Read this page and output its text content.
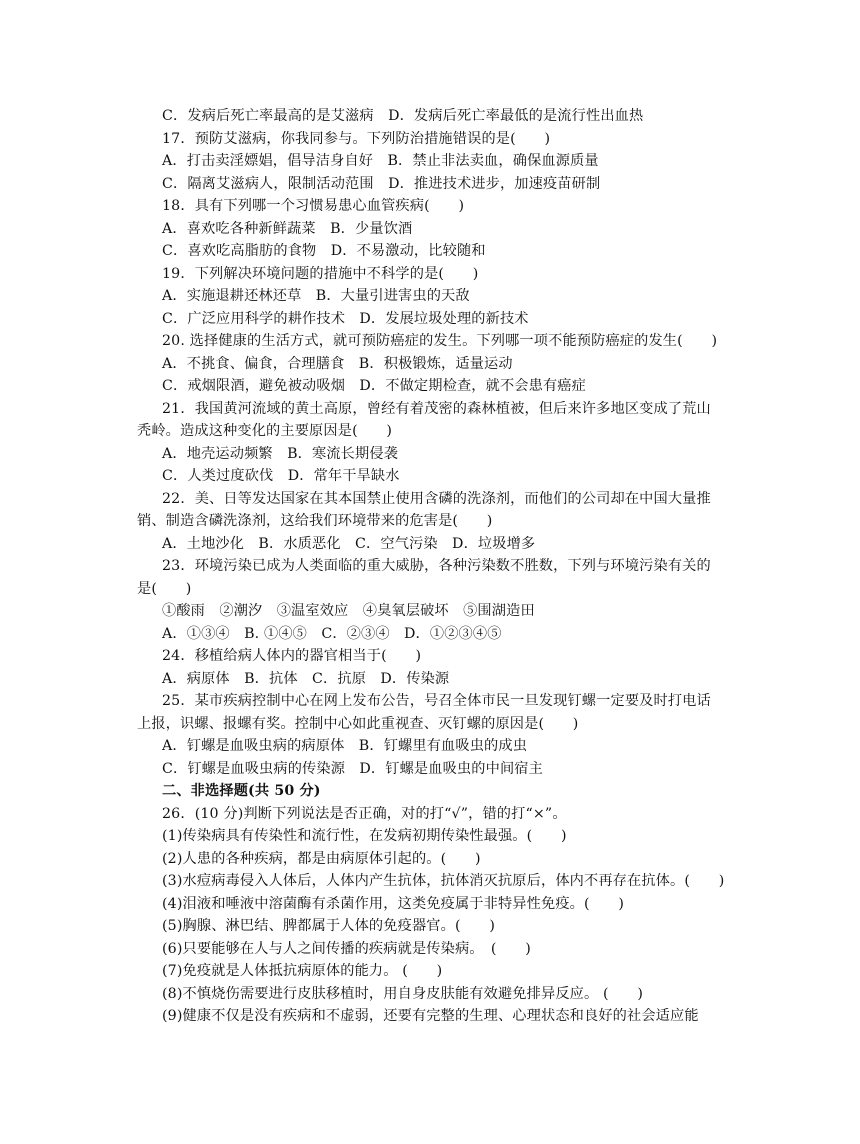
C．发病后死亡率最高的是艾滋病　D．发病后死亡率最低的是流行性出血热
17．预防艾滋病，你我同参与。下列防治措施错误的是(　　)
A．打击卖淫嫖娼，倡导洁身自好　B．禁止非法卖血，确保血源质量
C．隔离艾滋病人，限制活动范围　D．推进技术进步，加速疫苗研制
18．具有下列哪一个习惯易患心血管疾病(　　)
A．喜欢吃各种新鲜蔬菜　B．少量饮酒
C．喜欢吃高脂肪的食物　D．不易激动，比较随和
19．下列解决环境问题的措施中不科学的是(　　)
A．实施退耕还林还草　B．大量引进害虫的天敌
C．广泛应用科学的耕作技术　D．发展垃圾处理的新技术
20. 选择健康的生活方式，就可预防癌症的发生。下列哪一项不能预防癌症的发生(　　)
A．不挑食、偏食，合理膳食　B．积极锻炼，适量运动
C．戒烟限酒，避免被动吸烟　D．不做定期检查，就不会患有癌症
21．我国黄河流域的黄土高原，曾经有着茂密的森林植被，但后来许多地区变成了荒山
秃岭。造成这种变化的主要原因是(　　)
A．地壳运动频繁　B．寒流长期侵袭
C．人类过度砍伐　D．常年干旱缺水
22．美、日等发达国家在其本国禁止使用含磷的洗涤剂，而他们的公司却在中国大量推
销、制造含磷洗涤剂，这给我们环境带来的危害是(　　)
A．土地沙化　B．水质恶化　C．空气污染　D．垃圾增多
23．环境污染已成为人类面临的重大威胁，各种污染数不胜数，下列与环境污染有关的
是(　　)
①酸雨　②潮汐　③温室效应　④臭氧层破坏　⑤围湖造田
A．①③④　B. ①④⑤　C．②③④　D．①②③④⑤
24．移植给病人体内的器官相当于(　　)
A．病原体　B．抗体　C．抗原　D．传染源
25．某市疾病控制中心在网上发布公告，号召全体市民一旦发现钉螺一定要及时打电话
上报，识螺、报螺有奖。控制中心如此重视查、灭钉螺的原因是(　　)
A．钉螺是血吸虫病的病原体　B．钉螺里有血吸虫的成虫
C．钉螺是血吸虫病的传染源　D．钉螺是血吸虫的中间宿主
二、非选择题(共 50 分)
26．(10 分)判断下列说法是否正确，对的打“√”，错的打“×”。
(1)传染病具有传染性和流行性，在发病初期传染性最强。(　　)
(2)人患的各种疾病，都是由病原体引起的。(　　)
(3)水痘病毒侵入人体后，人体内产生抗体，抗体消灭抗原后，体内不再存在抗体。(　　)
(4)泪液和唾液中溶菌酶有杀菌作用，这类免疫属于非特异性免疫。(　　)
(5)胸腺、淋巴结、脾都属于人体的免疫器官。(　　)
(6)只要能够在人与人之间传播的疾病就是传染病。　(　　)
(7)免疫就是人体抵抗病原体的能力。 (　　)
(8)不慎烧伤需要进行皮肤移植时，用自身皮肤能有效避免排异反应。 (　　)
(9)健康不仅是没有疾病和不虚弱，还要有完整的生理、心理状态和良好的社会适应能
